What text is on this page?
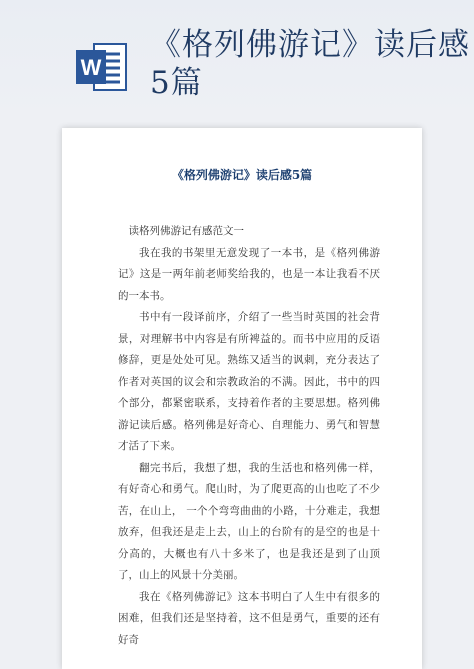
W
《格列佛游记》读后感5篇
《格列佛游记》读后感5篇

读格列佛游记有感范文一

我在我的书架里无意发现了一本书，是《格列佛游记》这是一两年前老师奖给我的，也是一本让我看不厌的一本书。

书中有一段译前序，介绍了一些当时英国的社会背景，对理解书中内容是有所裨益的。而书中应用的反语修辞，更是处处可见。熟练又适当的讽刺，充分表达了作者对英国的议会和宗教政治的不满。因此，书中的四个部分，都紧密联系，支持着作者的主要思想。格列佛游记读后感。格列佛是好奇心、自理能力、勇气和智慧才活了下来。

翻完书后，我想了想，我的生活也和格列佛一样，有好奇心和勇气。爬山时，为了爬更高的山也吃了不少苦，在山上， 一个个弯弯曲曲的小路，十分难走，我想放弃，但我还是走上去，山上的台阶有的是空的也是十分高的，大概也有八十多米了，也是我还是到了山顶了，山上的风景十分美丽。

我在《格列佛游记》这本书明白了人生中有很多的困难，但我们还是坚持着，这不但是勇气，重要的还有好奇
